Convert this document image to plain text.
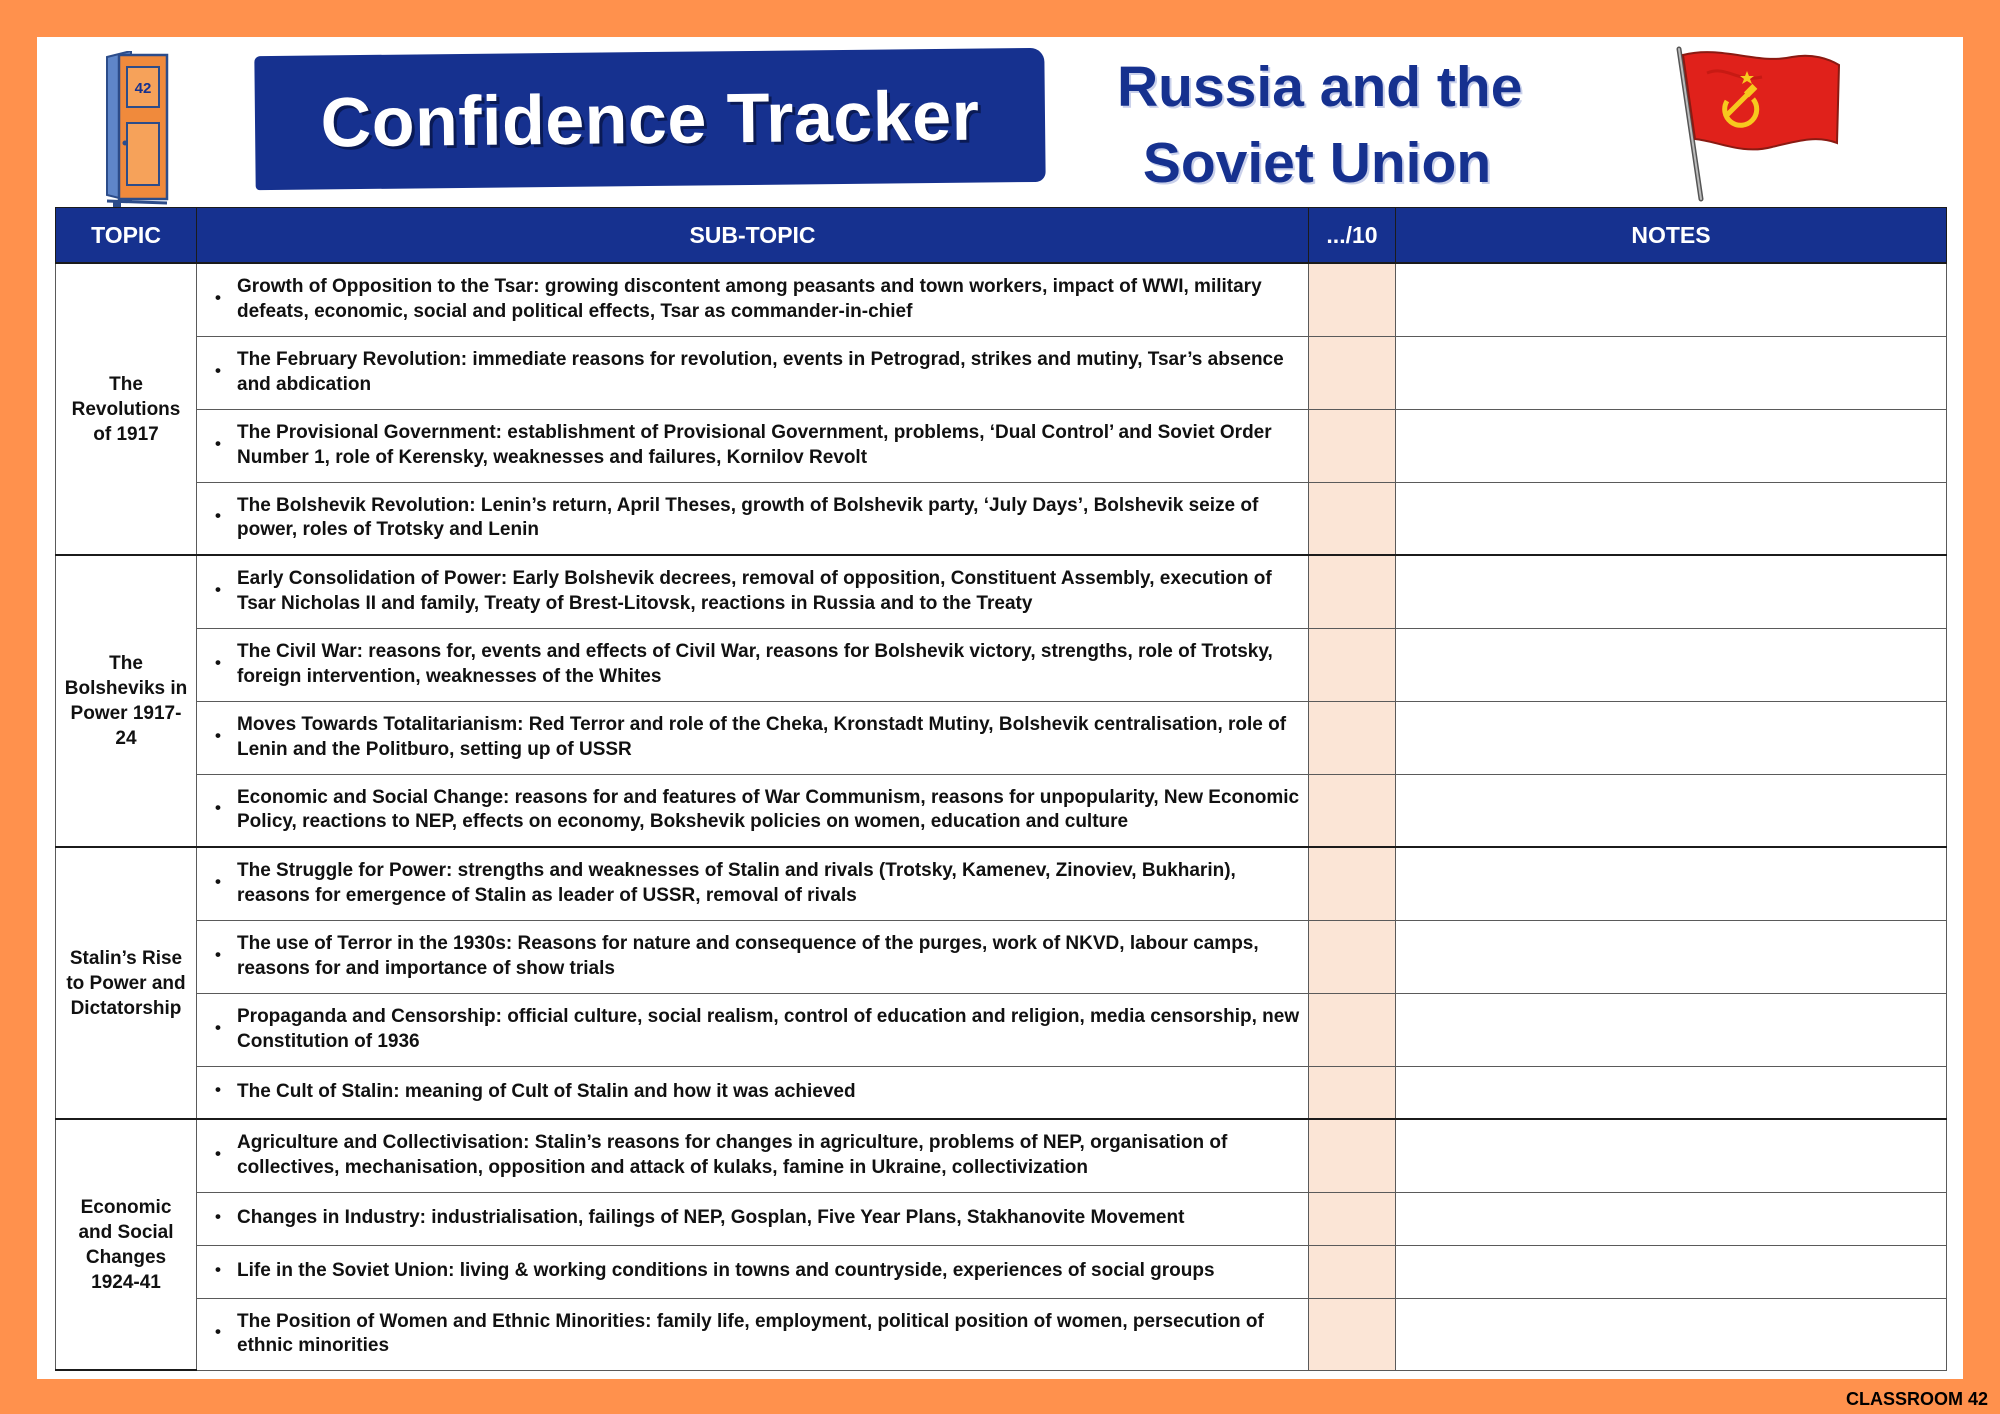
42 Confidence Tracker Russia and the
Soviet Union
TOPIC	SUB-TOPIC	.../10	NOTES
The Revolutions of 1917	• Growth of Opposition to the Tsar: growing discontent among peasants and town workers, impact of WWI, military defeats, economic, social and political effects, Tsar as commander-in-chief		
	• The February Revolution: immediate reasons for revolution, events in Petrograd, strikes and mutiny, Tsar’s absence and abdication		
	• The Provisional Government: establishment of Provisional Government, problems, ‘Dual Control’ and Soviet Order Number 1, role of Kerensky, weaknesses and failures, Kornilov Revolt		
	• The Bolshevik Revolution: Lenin’s return, April Theses, growth of Bolshevik party, ‘July Days’, Bolshevik seize of power, roles of Trotsky and Lenin		
The Bolsheviks in Power 1917-24	• Early Consolidation of Power: Early Bolshevik decrees, removal of opposition, Constituent Assembly, execution of Tsar Nicholas II and family, Treaty of Brest-Litovsk, reactions in Russia and to the Treaty		
	• The Civil War: reasons for, events and effects of Civil War, reasons for Bolshevik victory, strengths, role of Trotsky, foreign intervention, weaknesses of the Whites		
	• Moves Towards Totalitarianism: Red Terror and role of the Cheka, Kronstadt Mutiny, Bolshevik centralisation, role of Lenin and the Politburo, setting up of USSR		
	• Economic and Social Change: reasons for and features of War Communism, reasons for unpopularity, New Economic Policy, reactions to NEP, effects on economy, Bokshevik policies on women, education and culture		
Stalin’s Rise to Power and Dictatorship	• The Struggle for Power: strengths and weaknesses of Stalin and rivals (Trotsky, Kamenev, Zinoviev, Bukharin), reasons for emergence of Stalin as leader of USSR, removal of rivals		
	• The use of Terror in the 1930s: Reasons for nature and consequence of the purges, work of NKVD, labour camps, reasons for and importance of show trials		
	• Propaganda and Censorship: official culture, social realism, control of education and religion, media censorship, new Constitution of 1936		
	• The Cult of Stalin: meaning of Cult of Stalin and how it was achieved		
Economic and Social Changes 1924-41	• Agriculture and Collectivisation: Stalin’s reasons for changes in agriculture, problems of NEP, organisation of collectives, mechanisation, opposition and attack of kulaks, famine in Ukraine, collectivization		
	• Changes in Industry: industrialisation, failings of NEP, Gosplan, Five Year Plans, Stakhanovite Movement		
	• Life in the Soviet Union: living & working conditions in towns and countryside, experiences of social groups		
	• The Position of Women and Ethnic Minorities: family life, employment, political position of women, persecution of ethnic minorities		
CLASSROOM 42
